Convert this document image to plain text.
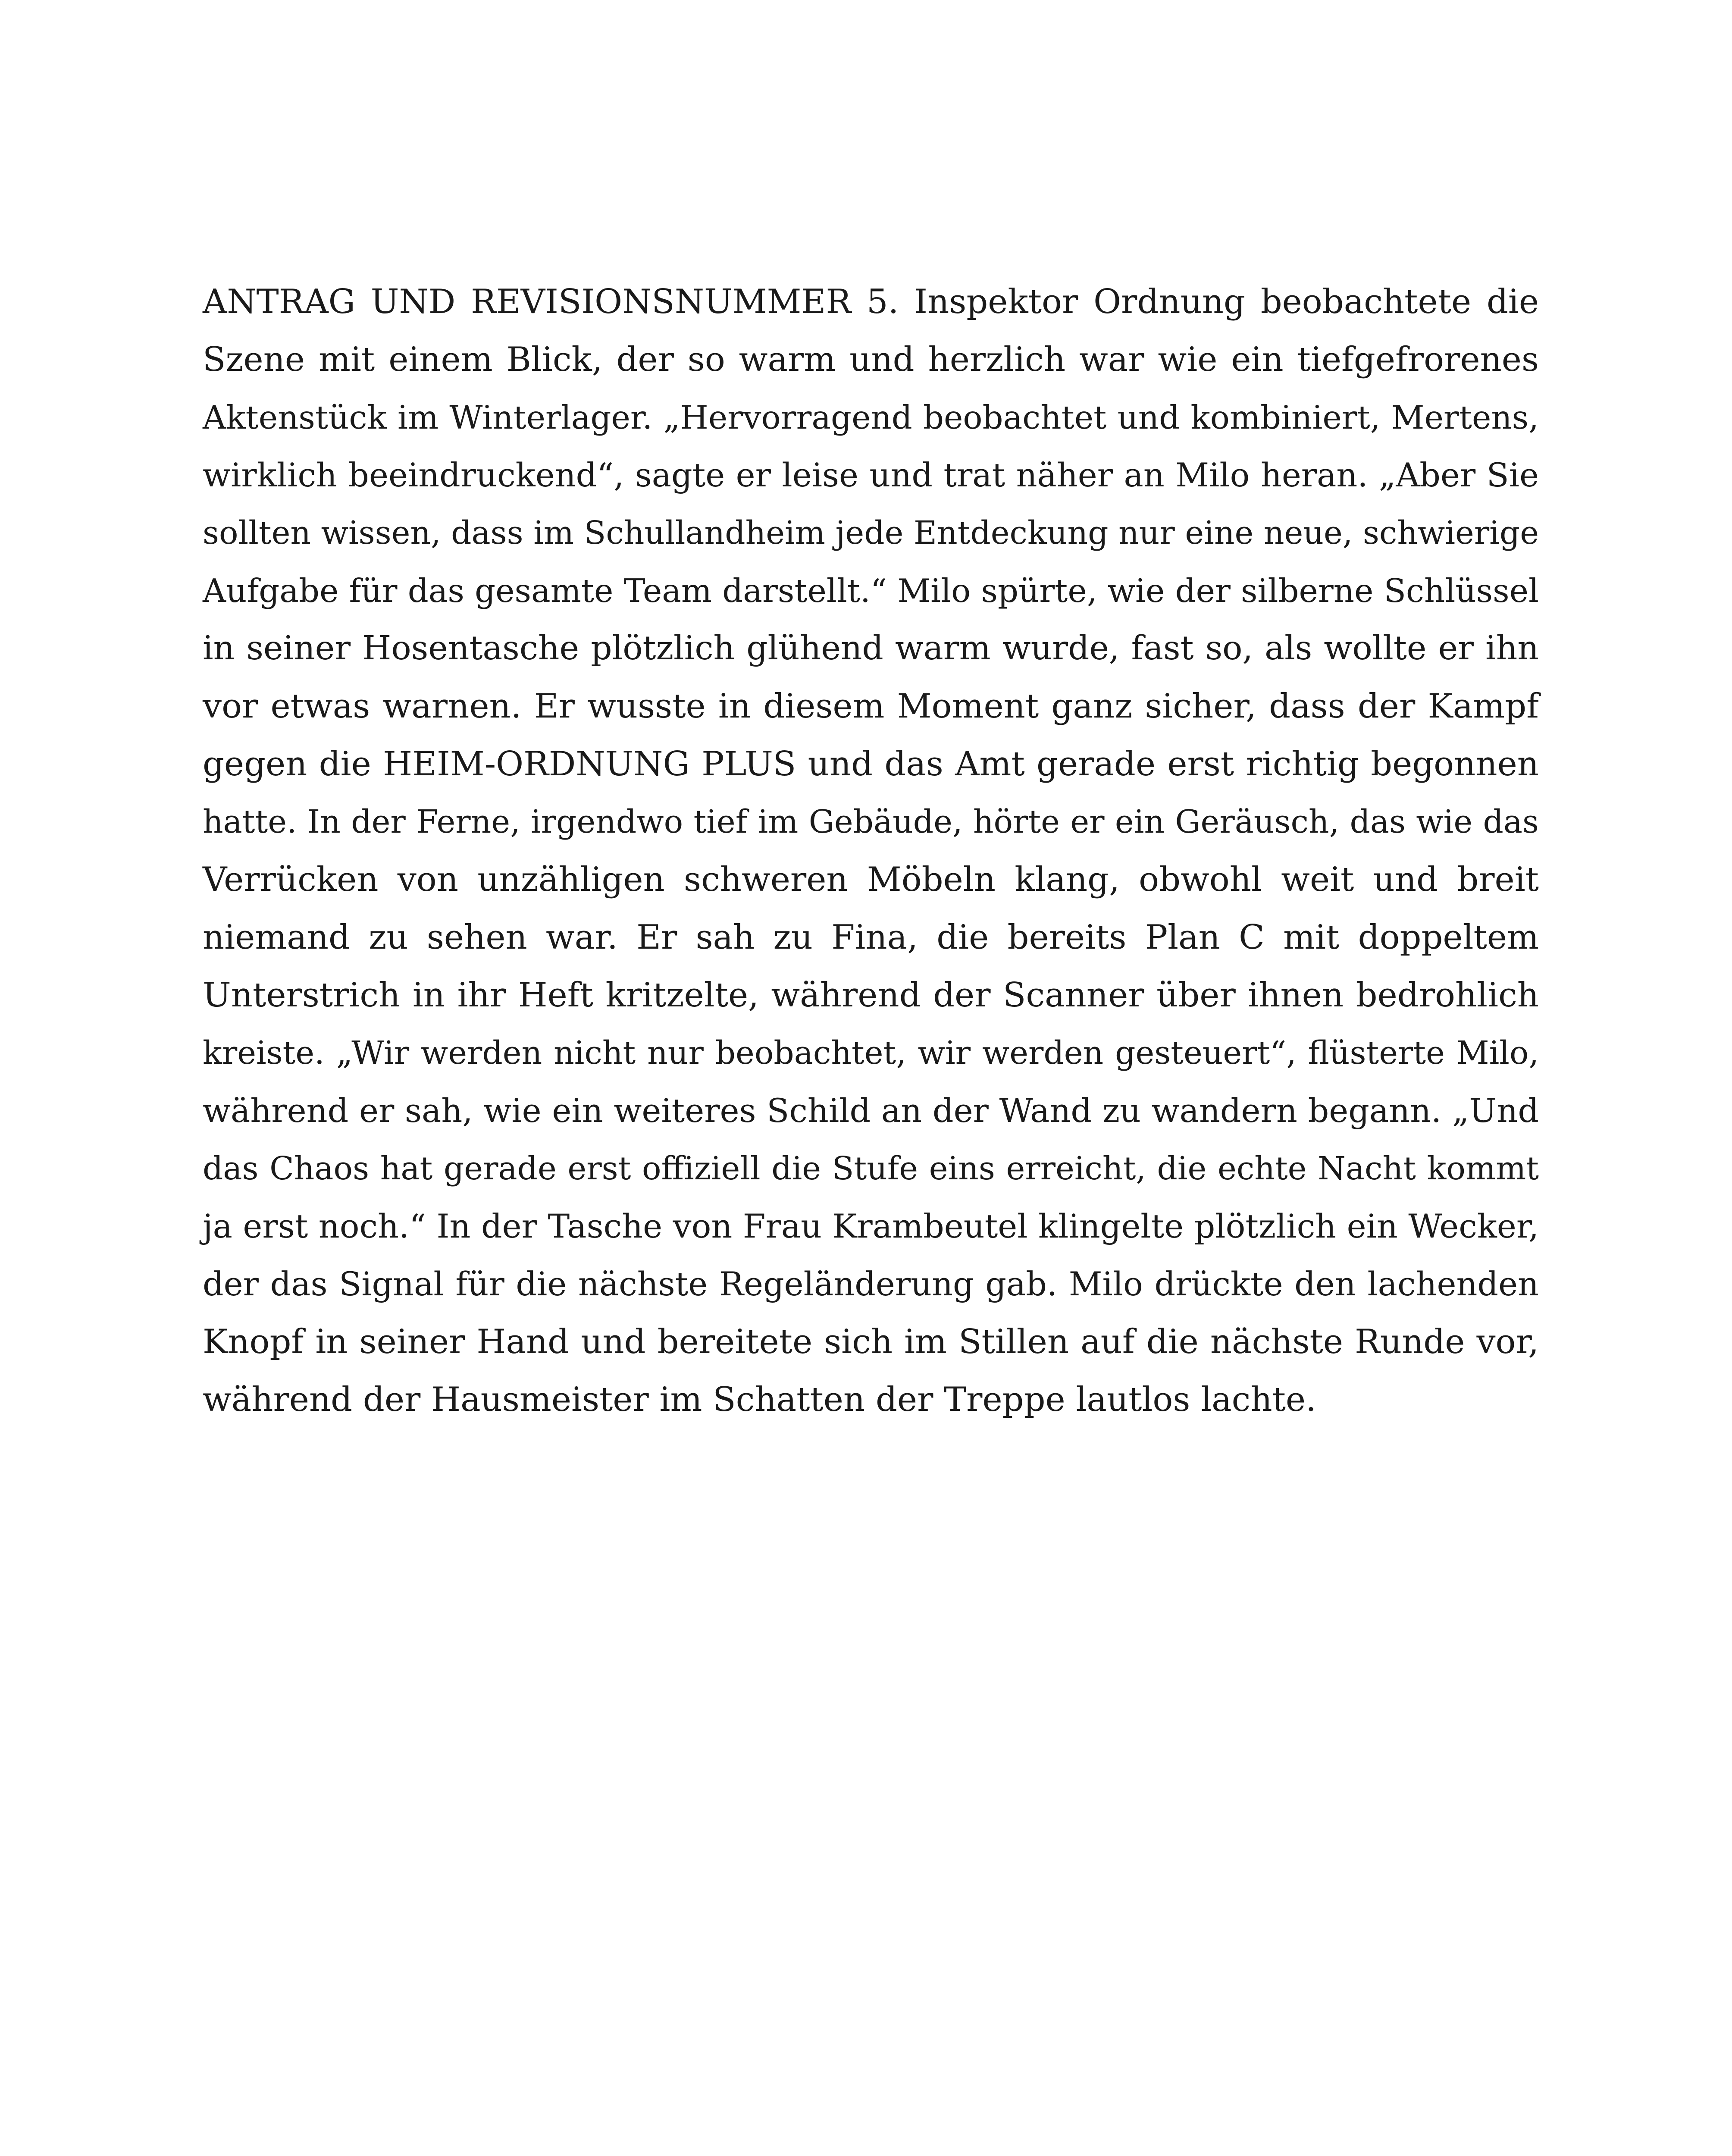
ANTRAG UND REVISIONSNUMMER 5. Inspektor Ordnung beobachtete die
Szene mit einem Blick, der so warm und herzlich war wie ein tiefgefrorenes
Aktenstück im Winterlager. „Hervorragend beobachtet und kombiniert, Mertens,
wirklich beeindruckend“, sagte er leise und trat näher an Milo heran. „Aber Sie
sollten wissen, dass im Schullandheim jede Entdeckung nur eine neue, schwierige
Aufgabe für das gesamte Team darstellt.“ Milo spürte, wie der silberne Schlüssel
in seiner Hosentasche plötzlich glühend warm wurde, fast so, als wollte er ihn
vor etwas warnen. Er wusste in diesem Moment ganz sicher, dass der Kampf
gegen die HEIM-ORDNUNG PLUS und das Amt gerade erst richtig begonnen
hatte. In der Ferne, irgendwo tief im Gebäude, hörte er ein Geräusch, das wie das
Verrücken von unzähligen schweren Möbeln klang, obwohl weit und breit
niemand zu sehen war. Er sah zu Fina, die bereits Plan C mit doppeltem
Unterstrich in ihr Heft kritzelte, während der Scanner über ihnen bedrohlich
kreiste. „Wir werden nicht nur beobachtet, wir werden gesteuert“, flüsterte Milo,
während er sah, wie ein weiteres Schild an der Wand zu wandern begann. „Und
das Chaos hat gerade erst offiziell die Stufe eins erreicht, die echte Nacht kommt
ja erst noch.“ In der Tasche von Frau Krambeutel klingelte plötzlich ein Wecker,
der das Signal für die nächste Regeländerung gab. Milo drückte den lachenden
Knopf in seiner Hand und bereitete sich im Stillen auf die nächste Runde vor,
während der Hausmeister im Schatten der Treppe lautlos lachte.
